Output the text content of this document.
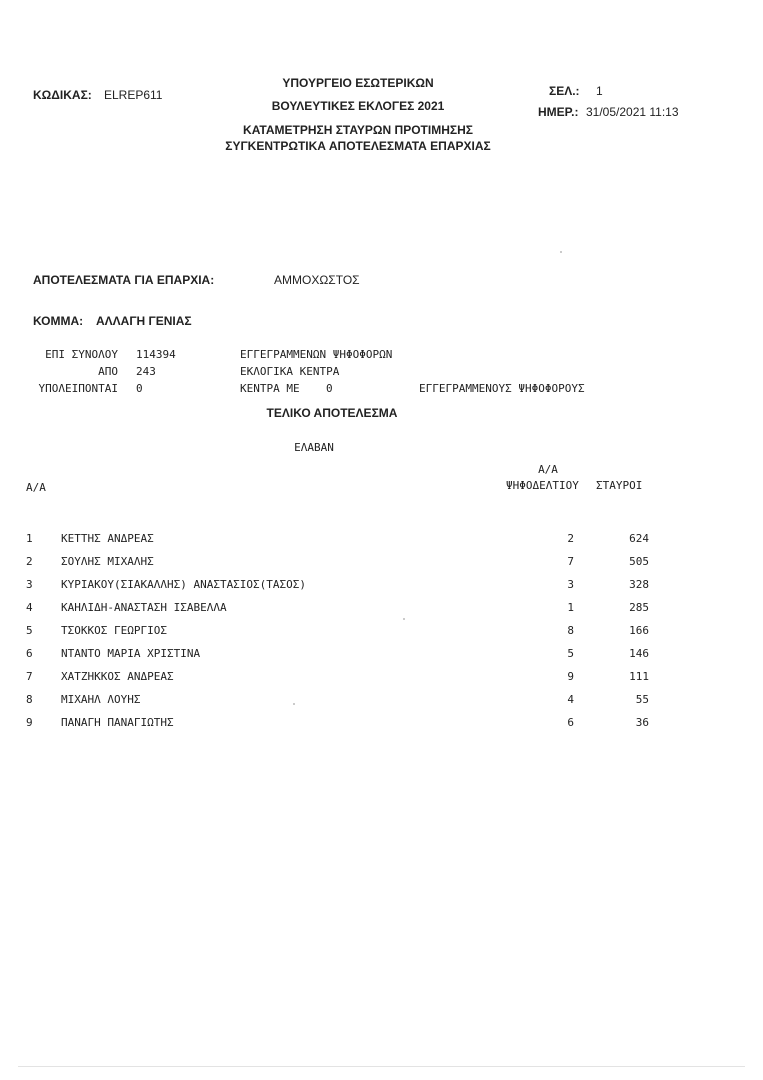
ΚΩΔΙΚΑΣ: ELREP611
ΥΠΟΥΡΓΕΙΟ ΕΣΩΤΕΡΙΚΩΝ
ΒΟΥΛΕΥΤΙΚΕΣ ΕΚΛΟΓΕΣ 2021
ΚΑΤΑΜΕΤΡΗΣΗ ΣΤΑΥΡΩΝ ΠΡΟΤΙΜΗΣΗΣ
ΣΥΓΚΕΝΤΡΩΤΙΚΑ ΑΠΟΤΕΛΕΣΜΑΤΑ ΕΠΑΡΧΙΑΣ
ΣΕΛ.: 1
ΗΜΕΡ.: 31/05/2021 11:13
ΑΠΟΤΕΛΕΣΜΑΤΑ ΓΙΑ ΕΠΑΡΧΙΑ:	ΑΜΜΟΧΩΣΤΟΣ
ΚΟΜΜΑ: ΑΛΛΑΓΗ ΓΕΝΙΑΣ
ΕΠΙ ΣΥΝΟΛΟΥ 114394	ΕΓΓΕΓΡΑΜΜΕΝΩΝ ΨΗΦΟΦΟΡΩΝ
ΑΠΟ 243	ΕΚΛΟΓΙΚΑ ΚΕΝΤΡΑ
ΥΠΟΛΕΙΠΟΝΤΑΙ 0	ΚΕΝΤΡΑ ΜΕ 0	ΕΓΓΕΓΡΑΜΜΕΝΟΥΣ ΨΗΦΟΦΟΡΟΥΣ
ΤΕΛΙΚΟ ΑΠΟΤΕΛΕΣΜΑ
ΕΛΑΒΑΝ
Α/Α
Α/Α
ΨΗΦΟΔΕΛΤΙΟΥ ΣΤΑΥΡΟΙ
1	ΚΕΤΤΗΣ ΑΝΔΡΕΑΣ	2	624
2	ΣΟΥΛΗΣ ΜΙΧΑΛΗΣ	7	505
3	ΚΥΡΙΑΚΟΥ(ΣΙΑΚΑΛΛΗΣ) ΑΝΑΣΤΑΣΙΟΣ(ΤΑΣΟΣ)	3	328
4	ΚΑΗΛΙΔΗ-ΑΝΑΣΤΑΣΗ ΙΣΑΒΕΛΛΑ	1	285
5	ΤΣΟΚΚΟΣ ΓΕΩΡΓΙΟΣ	8	166
6	ΝΤΑΝΤΟ ΜΑΡΙΑ ΧΡΙΣΤΙΝΑ	5	146
7	ΧΑΤΖΗΚΚΟΣ ΑΝΔΡΕΑΣ	9	111
8	ΜΙΧΑΗΛ ΛΟΥΗΣ	4	55
9	ΠΑΝΑΓΗ ΠΑΝΑΓΙΩΤΗΣ	6	36
